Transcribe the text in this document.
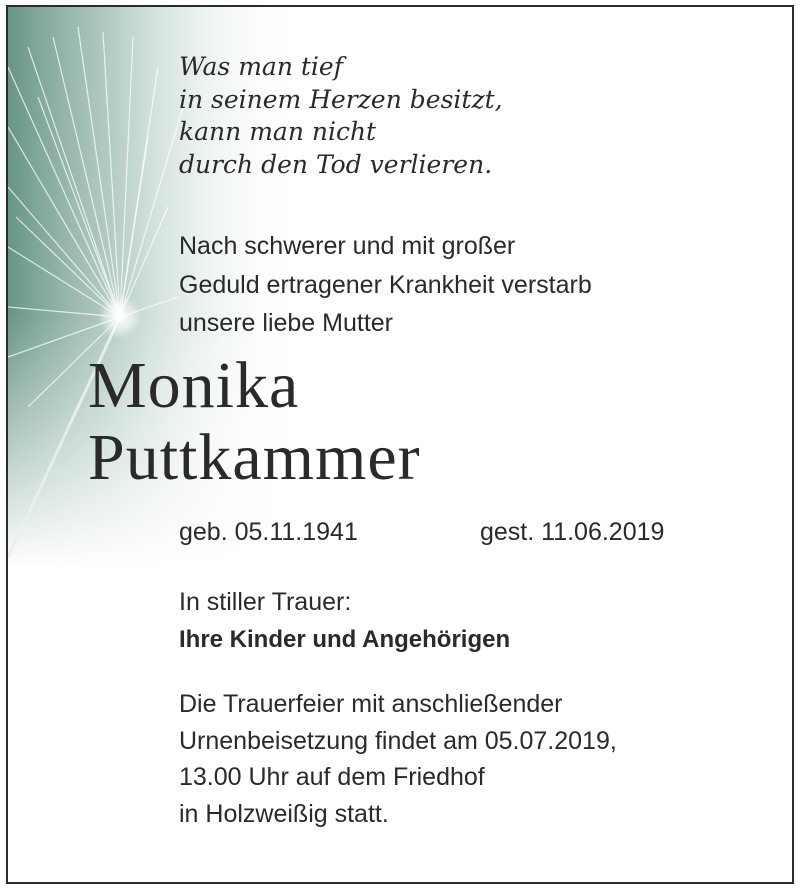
Was man tief
in seinem Herzen besitzt,
kann man nicht
durch den Tod verlieren.
Nach schwerer und mit großer
Geduld ertragener Krankheit verstarb
unsere liebe Mutter
Monika
Puttkammer
geb. 05.11.1941	gest. 11.06.2019
In stiller Trauer:
Ihre Kinder und Angehörigen
Die Trauerfeier mit anschließender
Urnenbeisetzung findet am 05.07.2019,
13.00 Uhr auf dem Friedhof
in Holzweißig statt.
